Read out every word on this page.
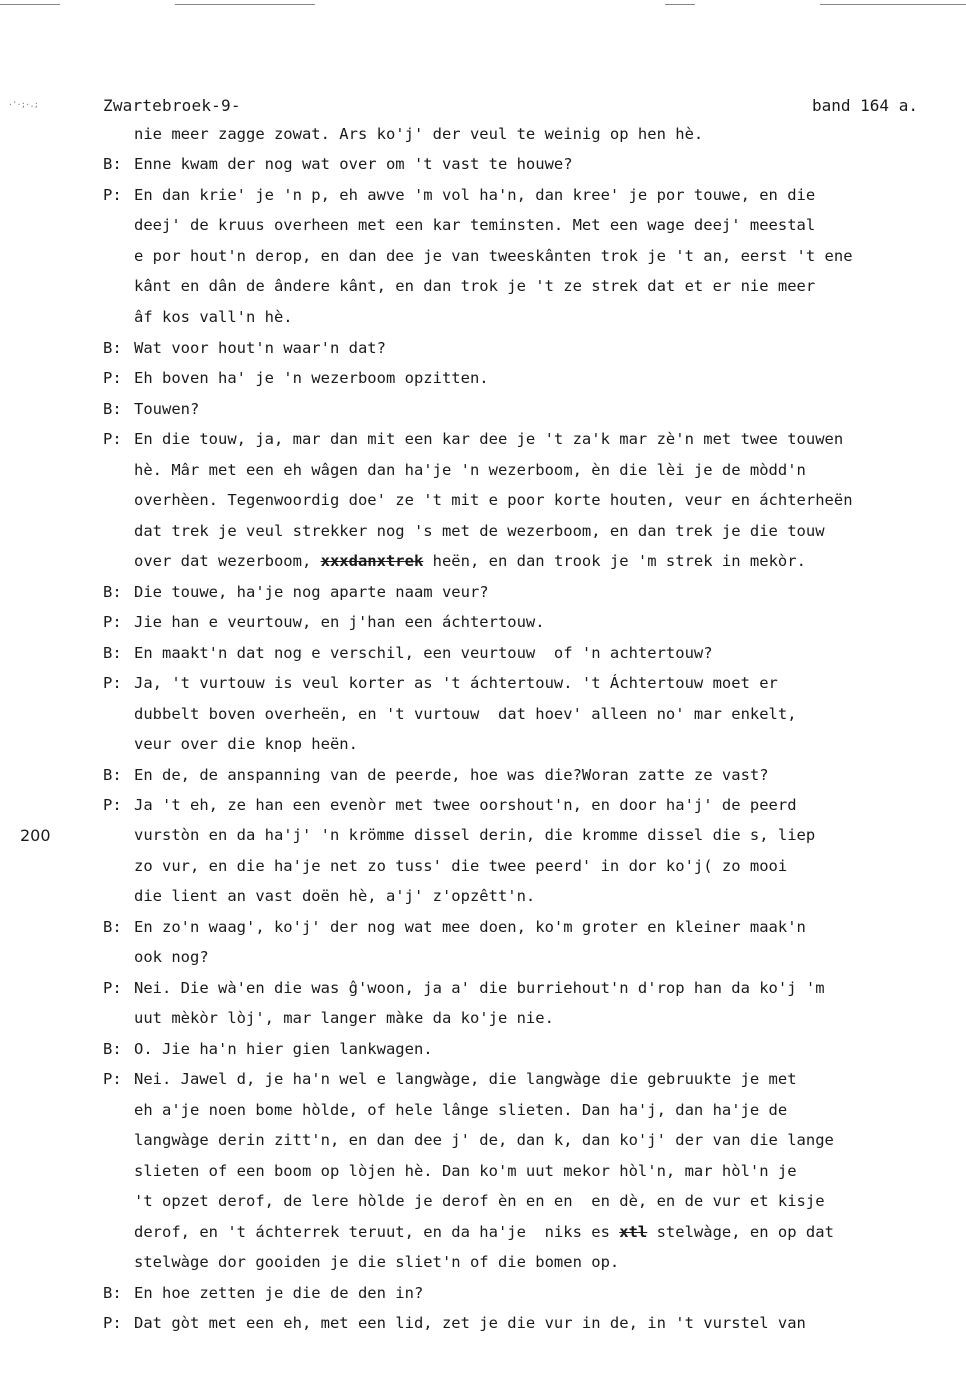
·'·;·.;	Zwartebroek-9-	band 164 a.
200
nie meer zagge zowat. Ars ko'j' der veul te weinig op hen hè.
B: Enne kwam der nog wat over om 't vast te houwe?
P: En dan krie' je 'n p, eh awve 'm vol ha'n, dan kree' je por touwe, en die
deej' de kruus overheen met een kar teminsten. Met een wage deej' meestal
e por hout'n derop, en dan dee je van tweeskânten trok je 't an, eerst 't ene
kânt en dân de ândere kânt, en dan trok je 't ze strek dat et er nie meer
âf kos vall'n hè.
B: Wat voor hout'n waar'n dat?
P: Eh boven ha' je 'n wezerboom opzitten.
B: Touwen?
P: En die touw, ja, mar dan mit een kar dee je 't za'k mar zè'n met twee touwen
hè. Mâr met een eh wâgen dan ha'je 'n wezerboom, èn die lèi je de mòdd'n
overhèen. Tegenwoordig doe' ze 't mit e poor korte houten, veur en áchterheën
dat trek je veul strekker nog 's met de wezerboom, en dan trek je die touw
over dat wezerboom, xxxdanxtrek heën, en dan trook je 'm strek in mekòr.
B: Die touwe, ha'je nog aparte naam veur?
P: Jie han e veurtouw, en j'han een áchtertouw.
B: En maakt'n dat nog e verschil, een veurtouw  of 'n achtertouw?
P: Ja, 't vurtouw is veul korter as 't áchtertouw. 't Áchtertouw moet er
dubbelt boven overheën, en 't vurtouw  dat hoev' alleen no' mar enkelt,
veur over die knop heën.
B: En de, de anspanning van de peerde, hoe was die?Woran zatte ze vast?
P: Ja 't eh, ze han een evenòr met twee oorshout'n, en door ha'j' de peerd
vurstòn en da ha'j' 'n krömme dissel derin, die kromme dissel die s, liep
zo vur, en die ha'je net zo tuss' die twee peerd' in dor ko'j( zo mooi
die lient an vast doën hè, a'j' z'opzêtt'n.
B: En zo'n waag', ko'j' der nog wat mee doen, ko'm groter en kleiner maak'n
ook nog?
P: Nei. Die wà'en die was ĝ'woon, ja a' die burriehout'n d'rop han da ko'j 'm
uut mèkòr lòj', mar langer màke da ko'je nie.
B: O. Jie ha'n hier gien lankwagen.
P: Nei. Jawel d, je ha'n wel e langwàge, die langwàge die gebruukte je met
eh a'je noen bome hòlde, of hele lânge slieten. Dan ha'j, dan ha'je de
langwàge derin zitt'n, en dan dee j' de, dan k, dan ko'j' der van die lange
slieten of een boom op lòjen hè. Dan ko'm uut mekor hòl'n, mar hòl'n je
't opzet derof, de lere hòlde je derof èn en en  en dè, en de vur et kisje
derof, en 't áchterrek teruut, en da ha'je  niks es xtl stelwàge, en op dat
stelwàge dor gooiden je die sliet'n of die bomen op.
B: En hoe zetten je die de den in?
P: Dat gòt met een eh, met een lid, zet je die vur in de, in 't vurstel van
